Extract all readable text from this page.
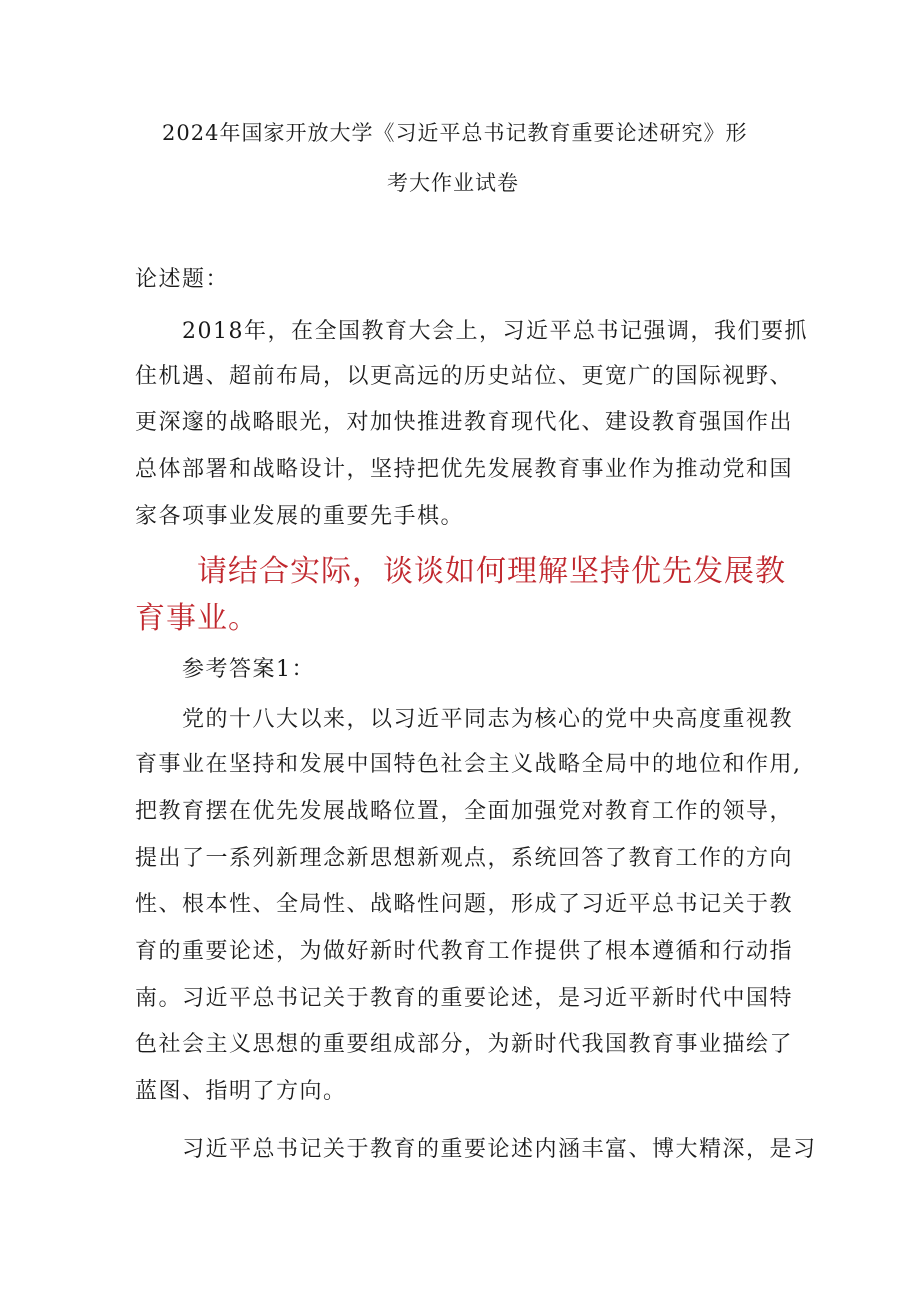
2024年国家开放大学《习近平总书记教育重要论述研究》形
考大作业试卷
论述题：
2018年，在全国教育大会上，习近平总书记强调，我们要抓
住机遇、超前布局，以更高远的历史站位、更宽广的国际视野、
更深邃的战略眼光，对加快推进教育现代化、建设教育强国作出
总体部署和战略设计，坚持把优先发展教育事业作为推动党和国
家各项事业发展的重要先手棋。
请结合实际，谈谈如何理解坚持优先发展教
育事业。
参考答案1：
党的十八大以来，以习近平同志为核心的党中央高度重视教
育事业在坚持和发展中国特色社会主义战略全局中的地位和作用,
把教育摆在优先发展战略位置，全面加强党对教育工作的领导，
提出了一系列新理念新思想新观点，系统回答了教育工作的方向
性、根本性、全局性、战略性问题，形成了习近平总书记关于教
育的重要论述，为做好新时代教育工作提供了根本遵循和行动指
南。习近平总书记关于教育的重要论述，是习近平新时代中国特
色社会主义思想的重要组成部分，为新时代我国教育事业描绘了
蓝图、指明了方向。
习近平总书记关于教育的重要论述内涵丰富、博大精深，是习
